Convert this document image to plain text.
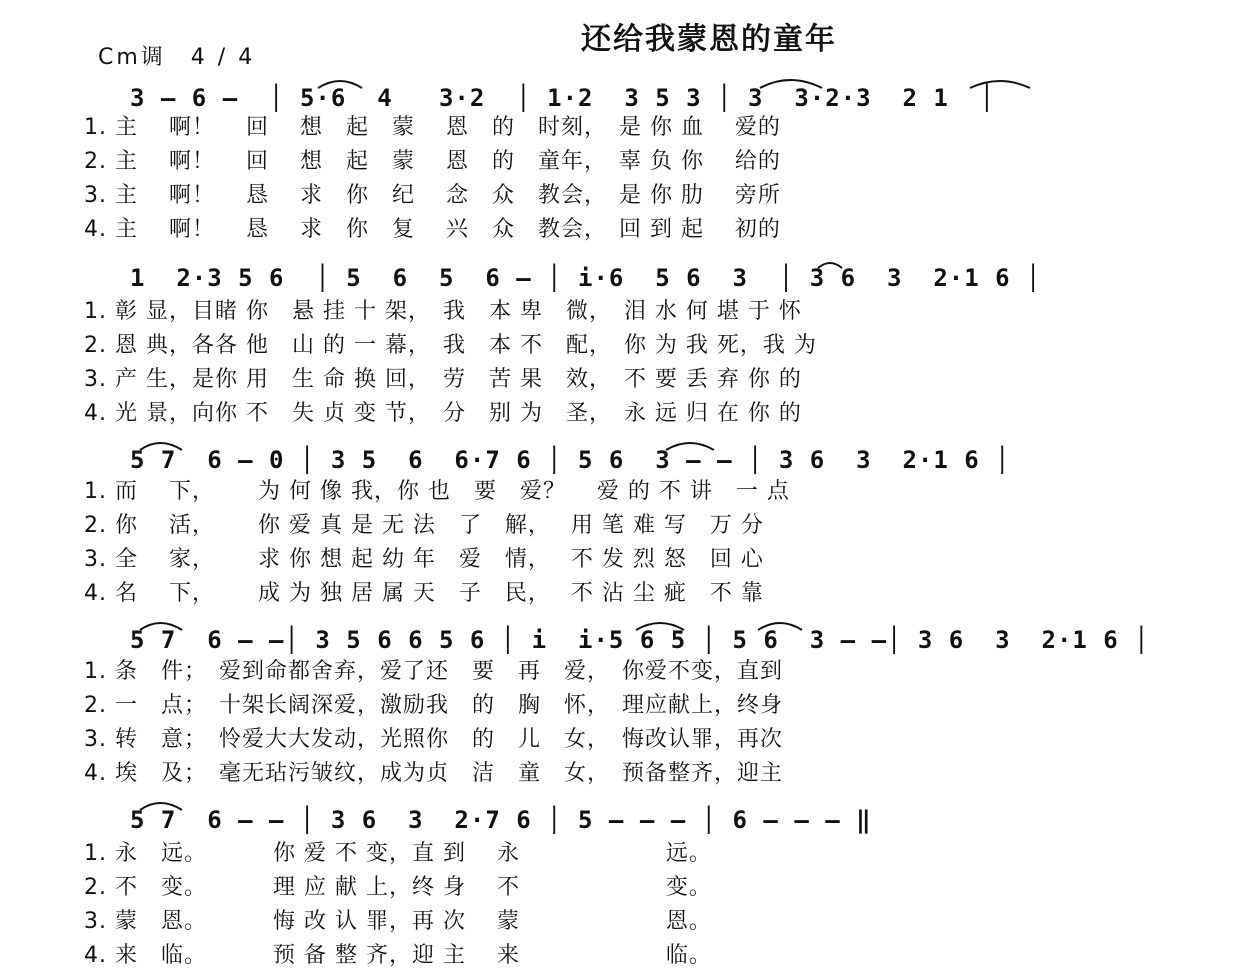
还给我蒙恩的童年
Cm调　4 / 4
3 — 6 —  │ 5·6  4   3·2  │ 1·2  3 5 3 │ 3  3·2·3  2 1  │
1. 主　 啊！　 回　 想　起　蒙　 恩　的　时刻，　是 你 血　 爱的
2. 主　 啊！　 回　 想　起　蒙　 恩　的　童年，　辜 负 你　 给的
3. 主　 啊！　 恳　 求　你　纪　 念　众　教会，　是 你 肋　 旁所
4. 主　 啊！　 恳　 求　你　复　 兴　众　教会，　回 到 起　 初的
1  2·3 5 6  │ 5  6  5  6 — │ i·6  5 6  3  │ 3 6  3  2·1 6 │
1. 彰 显，目睹 你　悬 挂 十 架，　我　本 卑　微，　泪 水 何 堪 于 怀
2. 恩 典，各各 他　山 的 一 幕，　我　本 不　配，　你 为 我 死，我 为
3. 产 生，是你 用　生 命 换 回，　劳　苦 果　效，　不 要 丢 弃 你 的
4. 光 景，向你 不　失 贞 变 节，　分　别 为　圣，　永 远 归 在 你 的
5 7  6 — 0 │ 3 5  6  6·7 6 │ 5 6  3 — — │ 3 6  3  2·1 6 │
1. 而　 下，　　 为 何 像 我，你 也　要　爱？　 爱 的 不 讲　一 点
2. 你　 活，　　 你 爱 真 是 无 法　了　解，　 用 笔 难 写　万 分
3. 全　 家，　　 求 你 想 起 幼 年　爱　情，　 不 发 烈 怒　回 心
4. 名　 下，　　 成 为 独 居 属 天　子　民，　 不 沾 尘 疵　不 靠
5 7  6 — —│ 3 5 6 6 5 6 │ i  i·5 6 5 │ 5 6  3 — —│ 3 6  3  2·1 6 │
1. 条　件；　爱到命都舍弃，爱了还　要　再　爱，　你爱不变，直到
2. 一　点；　十架长阔深爱，激励我　的　胸　怀，　理应献上，终身
3. 转　意；　怜爱大大发动，光照你　的　儿　女，　悔改认罪，再次
4. 埃　及；　毫无玷污皱纹，成为贞　洁　童　女，　预备整齐，迎主
5 7  6 — — │ 3 6  3  2·7 6 │ 5 — — — │ 6 — — — ‖
1. 永　远。　　　 你 爱 不 变，直 到　 永　　　　　　 远。
2. 不　变。　　　 理 应 献 上，终 身　 不　　　　　　 变。
3. 蒙　恩。　　　 悔 改 认 罪，再 次　 蒙　　　　　　 恩。
4. 来　临。　　　 预 备 整 齐，迎 主　 来　　　　　　 临。
